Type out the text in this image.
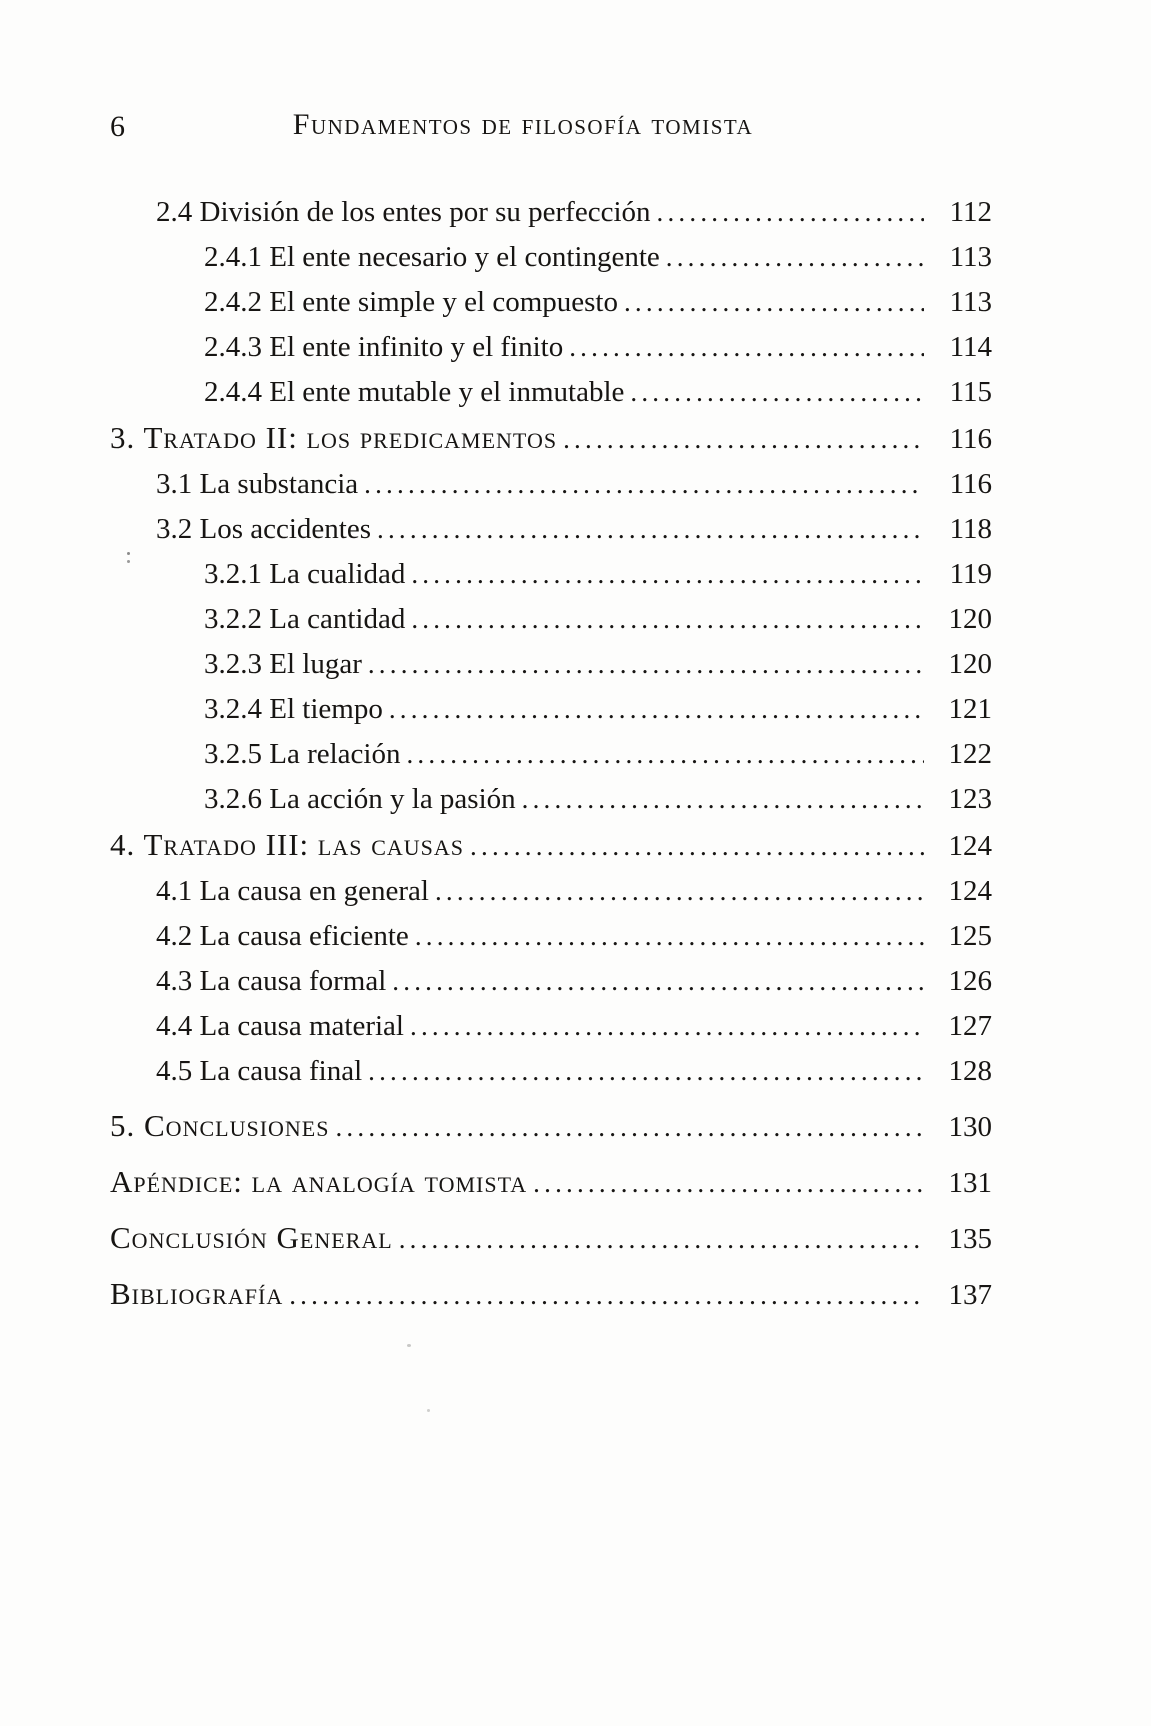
6	Fundamentos de filosofía tomista
2.4 División de los entes por su perfección .....	112
2.4.1 El ente necesario y el contingente .....	113
2.4.2 El ente simple y el compuesto .....	113
2.4.3 El ente infinito y el finito .....	114
2.4.4 El ente mutable y el inmutable .....	115
3. Tratado II: los predicamentos .....	116
3.1 La substancia .....	116
3.2 Los accidentes .....	118
3.2.1 La cualidad .....	119
3.2.2 La cantidad .....	120
3.2.3 El lugar .....	120
3.2.4 El tiempo .....	121
3.2.5 La relación .....	122
3.2.6 La acción y la pasión .....	123
4. Tratado III: las causas .....	124
4.1 La causa en general .....	124
4.2 La causa eficiente .....	125
4.3 La causa formal .....	126
4.4 La causa material .....	127
4.5 La causa final .....	128
5. Conclusiones .....	130
Apéndice: la analogía tomista .....	131
Conclusión General .....	135
Bibliografía .....	137
